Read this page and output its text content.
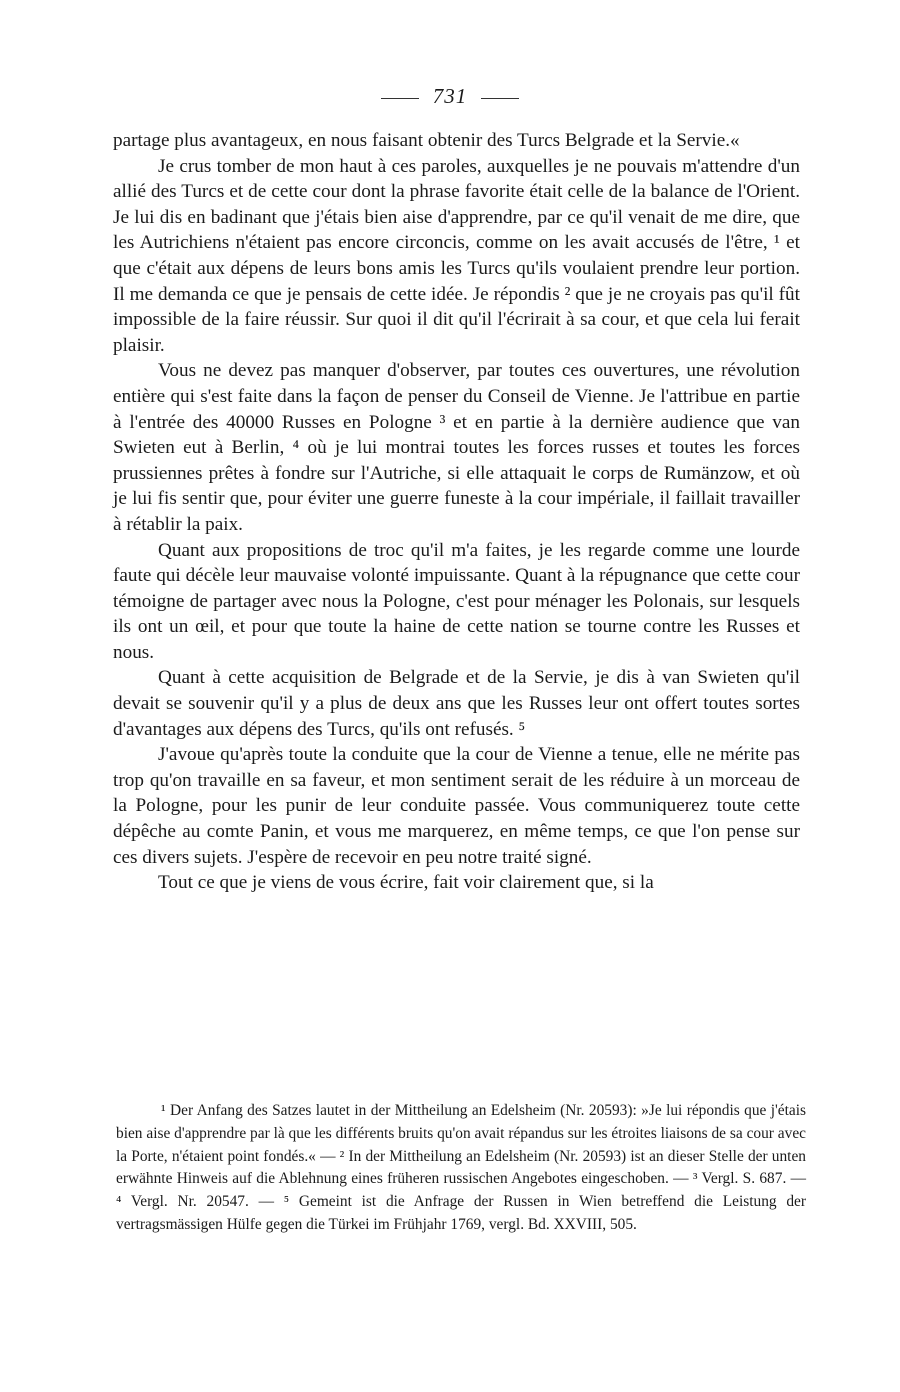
731

partage plus avantageux, en nous faisant obtenir des Turcs Belgrade et la Servie.«

Je crus tomber de mon haut à ces paroles, auxquelles je ne pouvais m'attendre d'un allié des Turcs et de cette cour dont la phrase favorite était celle de la balance de l'Orient. Je lui dis en badinant que j'étais bien aise d'apprendre, par ce qu'il venait de me dire, que les Autrichiens n'étaient pas encore circoncis, comme on les avait accusés de l'être, ¹ et que c'était aux dépens de leurs bons amis les Turcs qu'ils voulaient prendre leur portion. Il me demanda ce que je pensais de cette idée. Je répondis ² que je ne croyais pas qu'il fût impossible de la faire réussir. Sur quoi il dit qu'il l'écrirait à sa cour, et que cela lui ferait plaisir.

Vous ne devez pas manquer d'observer, par toutes ces ouvertures, une révolution entière qui s'est faite dans la façon de penser du Conseil de Vienne. Je l'attribue en partie à l'entrée des 40000 Russes en Pologne ³ et en partie à la dernière audience que van Swieten eut à Berlin, ⁴ où je lui montrai toutes les forces russes et toutes les forces prussiennes prêtes à fondre sur l'Autriche, si elle attaquait le corps de Rumänzow, et où je lui fis sentir que, pour éviter une guerre funeste à la cour impériale, il faillait travailler à rétablir la paix.

Quant aux propositions de troc qu'il m'a faites, je les regarde comme une lourde faute qui décèle leur mauvaise volonté impuissante. Quant à la répugnance que cette cour témoigne de partager avec nous la Pologne, c'est pour ménager les Polonais, sur lesquels ils ont un œil, et pour que toute la haine de cette nation se tourne contre les Russes et nous.

Quant à cette acquisition de Belgrade et de la Servie, je dis à van Swieten qu'il devait se souvenir qu'il y a plus de deux ans que les Russes leur ont offert toutes sortes d'avantages aux dépens des Turcs, qu'ils ont refusés. ⁵

J'avoue qu'après toute la conduite que la cour de Vienne a tenue, elle ne mérite pas trop qu'on travaille en sa faveur, et mon sentiment serait de les réduire à un morceau de la Pologne, pour les punir de leur conduite passée. Vous communiquerez toute cette dépêche au comte Panin, et vous me marquerez, en même temps, ce que l'on pense sur ces divers sujets. J'espère de recevoir en peu notre traité signé.

Tout ce que je viens de vous écrire, fait voir clairement que, si la

¹ Der Anfang des Satzes lautet in der Mittheilung an Edelsheim (Nr. 20593): »Je lui répondis que j'étais bien aise d'apprendre par là que les différents bruits qu'on avait répandus sur les étroites liaisons de sa cour avec la Porte, n'étaient point fondés.« — ² In der Mittheilung an Edelsheim (Nr. 20593) ist an dieser Stelle der unten erwähnte Hinweis auf die Ablehnung eines früheren russischen Angebotes eingeschoben. — ³ Vergl. S. 687. — ⁴ Vergl. Nr. 20547. — ⁵ Gemeint ist die Anfrage der Russen in Wien betreffend die Leistung der vertragsmässigen Hülfe gegen die Türkei im Frühjahr 1769, vergl. Bd. XXVIII, 505.
